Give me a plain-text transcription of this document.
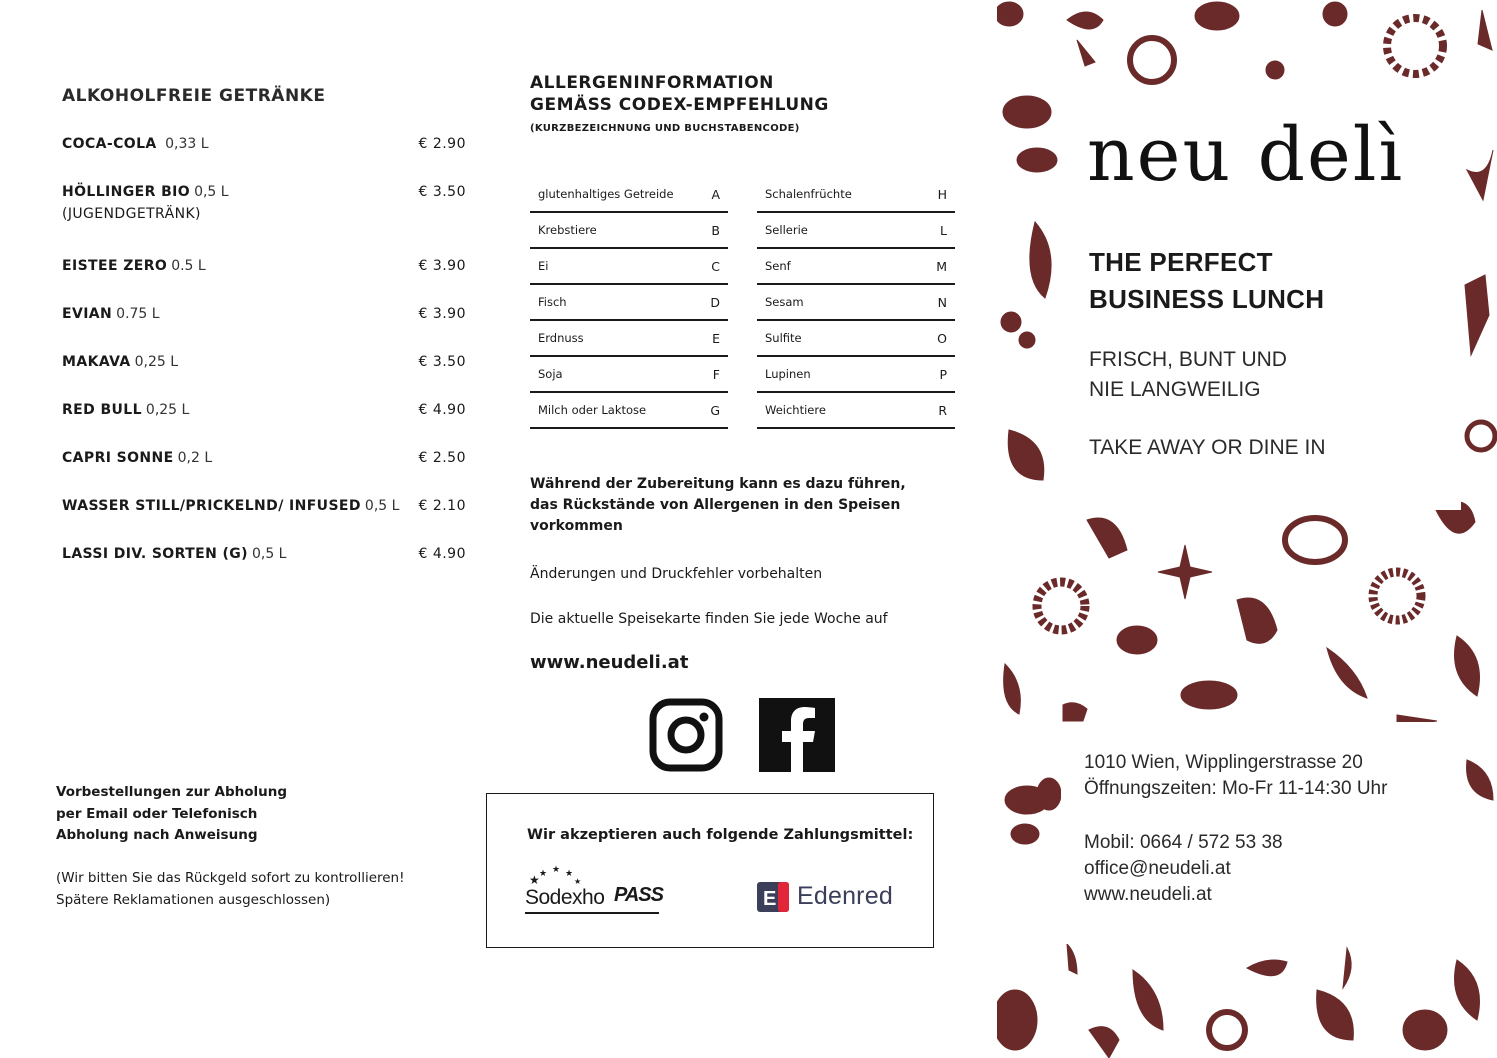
ALKOHOLFREIE GETRÄNKE
COCA-COLA 0,33 L	€ 2.90
HÖLLINGER BIO 0,5 L	€ 3.50
(JUGENDGETRÄNK)
EISTEE ZERO 0.5 L	€ 3.90
EVIAN 0.75 L	€ 3.90
MAKAVA 0,25 L	€ 3.50
RED BULL 0,25 L	€ 4.90
CAPRI SONNE 0,2 L	€ 2.50
WASSER STILL/PRICKELND/ INFUSED 0,5 L € 2.10
LASSI DIV. SORTEN (G) 0,5 L	€ 4.90
Vorbestellungen zur Abholung
per Email oder Telefonisch
Abholung nach Anweisung
(Wir bitten Sie das Rückgeld sofort zu kontrollieren!
Spätere Reklamationen ausgeschlossen)
ALLERGENINFORMATION
GEMÄSS CODEX-EMPFEHLUNG
(KURZBEZEICHNUNG UND BUCHSTABENCODE)
glutenhaltiges Getreide	A
Krebstiere	B
Ei	C
Fisch	D
Erdnuss	E
Soja	F
Milch oder Laktose	G
Schalenfrüchte	H
Sellerie	L
Senf	M
Sesam	N
Sulfite	O
Lupinen	P
Weichtiere	R
Während der Zubereitung kann es dazu führen,
das Rückstände von Allergenen in den Speisen
vorkommen
Änderungen und Druckfehler vorbehalten
Die aktuelle Speisekarte finden Sie jede Woche auf
www.neudeli.at
Wir akzeptieren auch folgende Zahlungsmittel:
★ ★ ★ ★
★
Sodexho PASS	E Edenred
neu delì
THE PERFECT
BUSINESS LUNCH
FRISCH, BUNT UND
NIE LANGWEILIG
TAKE AWAY OR DINE IN
1010 Wien, Wipplingerstrasse 20
Öffnungszeiten: Mo-Fr 11-14:30 Uhr
Mobil: 0664 / 572 53 38
office@neudeli.at
www.neudeli.at
